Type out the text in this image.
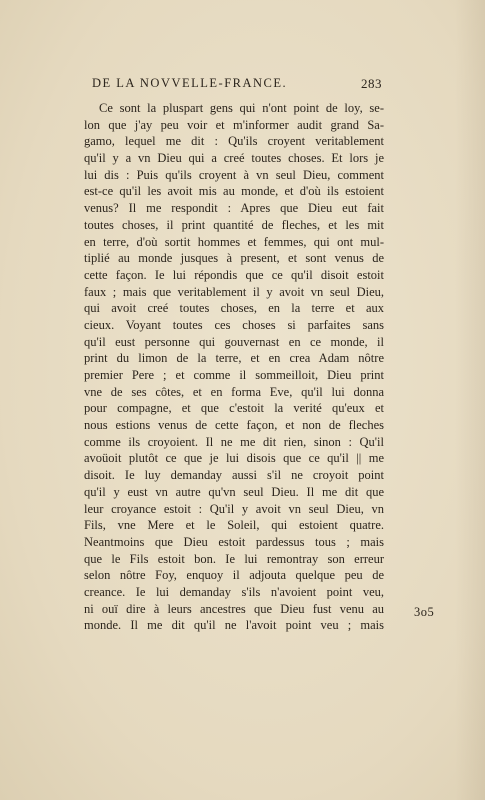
DE LA NOVVELLE-FRANCE.	283
Ce sont la pluspart gens qui n'ont point de loy, se-
lon que j'ay peu voir et m'informer audit grand Sa-
gamo, lequel me dit : Qu'ils croyent veritablement
qu'il y a vn Dieu qui a creé toutes choses. Et lors je
lui dis : Puis qu'ils croyent à vn seul Dieu, comment
est-ce qu'il les avoit mis au monde, et d'où ils estoient
venus? Il me respondit : Apres que Dieu eut fait
toutes choses, il print quantité de fleches, et les mit
en terre, d'où sortit hommes et femmes, qui ont mul-
tiplié au monde jusques à present, et sont venus de
cette façon. Ie lui répondis que ce qu'il disoit estoit
faux ; mais que veritablement il y avoit vn seul Dieu,
qui avoit creé toutes choses, en la terre et aux
cieux. Voyant toutes ces choses si parfaites sans
qu'il eust personne qui gouvernast en ce monde, il
print du limon de la terre, et en crea Adam nôtre
premier Pere ; et comme il sommeilloit, Dieu print
vne de ses côtes, et en forma Eve, qu'il lui donna
pour compagne, et que c'estoit la verité qu'eux et
nous estions venus de cette façon, et non de fleches
comme ils croyoient. Il ne me dit rien, sinon : Qu'il
avoüoit plutôt ce que je lui disois que ce qu'il || me
disoit. Ie luy demanday aussi s'il ne croyoit point
qu'il y eust vn autre qu'vn seul Dieu. Il me dit que
leur croyance estoit : Qu'il y avoit vn seul Dieu, vn
Fils, vne Mere et le Soleil, qui estoient quatre.
Neantmoins que Dieu estoit pardessus tous ; mais
que le Fils estoit bon. Ie lui remontray son erreur
selon nôtre Foy, enquoy il adjouta quelque peu de
creance. Ie lui demanday s'ils n'avoient point veu,
ni ouï dire à leurs ancestres que Dieu fust venu au
monde. Il me dit qu'il ne l'avoit point veu ; mais
3o5
